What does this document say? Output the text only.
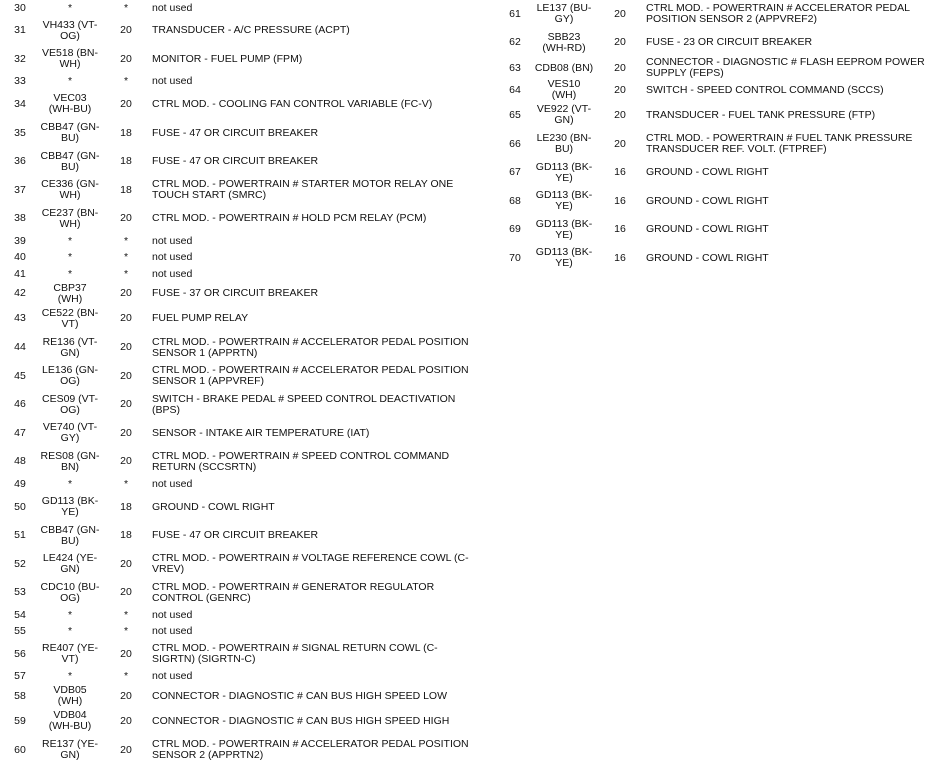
30	*	*	not used
31	VH433 (VT-OG)	20	TRANSDUCER - A/C PRESSURE (ACPT)
32	VE518 (BN-WH)	20	MONITOR - FUEL PUMP (FPM)
33	*	*	not used
34	VEC03 (WH-BU)	20	CTRL MOD. - COOLING FAN CONTROL VARIABLE (FC-V)
35	CBB47 (GN-BU)	18	FUSE - 47 OR CIRCUIT BREAKER
36	CBB47 (GN-BU)	18	FUSE - 47 OR CIRCUIT BREAKER
37	CE336 (GN-WH)	18	CTRL MOD. - POWERTRAIN # STARTER MOTOR RELAY ONE TOUCH START (SMRC)
38	CE237 (BN-WH)	20	CTRL MOD. - POWERTRAIN # HOLD PCM RELAY (PCM)
39	*	*	not used
40	*	*	not used
41	*	*	not used
42	CBP37 (WH)	20	FUSE - 37 OR CIRCUIT BREAKER
43	CE522 (BN-VT)	20	FUEL PUMP RELAY
44	RE136 (VT-GN)	20	CTRL MOD. - POWERTRAIN # ACCELERATOR PEDAL POSITION SENSOR 1 (APPRTN)
45	LE136 (GN-OG)	20	CTRL MOD. - POWERTRAIN # ACCELERATOR PEDAL POSITION SENSOR 1 (APPVREF)
46	CES09 (VT-OG)	20	SWITCH - BRAKE PEDAL # SPEED CONTROL DEACTIVATION (BPS)
47	VE740 (VT-GY)	20	SENSOR - INTAKE AIR TEMPERATURE (IAT)
48	RES08 (GN-BN)	20	CTRL MOD. - POWERTRAIN # SPEED CONTROL COMMAND RETURN (SCCSRTN)
49	*	*	not used
50	GD113 (BK-YE)	18	GROUND - COWL RIGHT
51	CBB47 (GN-BU)	18	FUSE - 47 OR CIRCUIT BREAKER
52	LE424 (YE-GN)	20	CTRL MOD. - POWERTRAIN # VOLTAGE REFERENCE COWL (C-VREV)
53	CDC10 (BU-OG)	20	CTRL MOD. - POWERTRAIN # GENERATOR REGULATOR CONTROL (GENRC)
54	*	*	not used
55	*	*	not used
56	RE407 (YE-VT)	20	CTRL MOD. - POWERTRAIN # SIGNAL RETURN COWL (C-SIGRTN) (SIGRTN-C)
57	*	*	not used
58	VDB05 (WH)	20	CONNECTOR - DIAGNOSTIC # CAN BUS HIGH SPEED LOW
59	VDB04 (WH-BU)	20	CONNECTOR - DIAGNOSTIC # CAN BUS HIGH SPEED HIGH
60	RE137 (YE-GN)	20	CTRL MOD. - POWERTRAIN # ACCELERATOR PEDAL POSITION SENSOR 2 (APPRTN2)
61	LE137 (BU-GY)	20	CTRL MOD. - POWERTRAIN # ACCELERATOR PEDAL POSITION SENSOR 2 (APPVREF2)
62	SBB23 (WH-RD)	20	FUSE - 23 OR CIRCUIT BREAKER
63	CDB08 (BN)	20	CONNECTOR - DIAGNOSTIC # FLASH EEPROM POWER SUPPLY (FEPS)
64	VES10 (WH)	20	SWITCH - SPEED CONTROL COMMAND (SCCS)
65	VE922 (VT-GN)	20	TRANSDUCER - FUEL TANK PRESSURE (FTP)
66	LE230 (BN-BU)	20	CTRL MOD. - POWERTRAIN # FUEL TANK PRESSURE TRANSDUCER REF. VOLT. (FTPREF)
67	GD113 (BK-YE)	16	GROUND - COWL RIGHT
68	GD113 (BK-YE)	16	GROUND - COWL RIGHT
69	GD113 (BK-YE)	16	GROUND - COWL RIGHT
70	GD113 (BK-YE)	16	GROUND - COWL RIGHT
